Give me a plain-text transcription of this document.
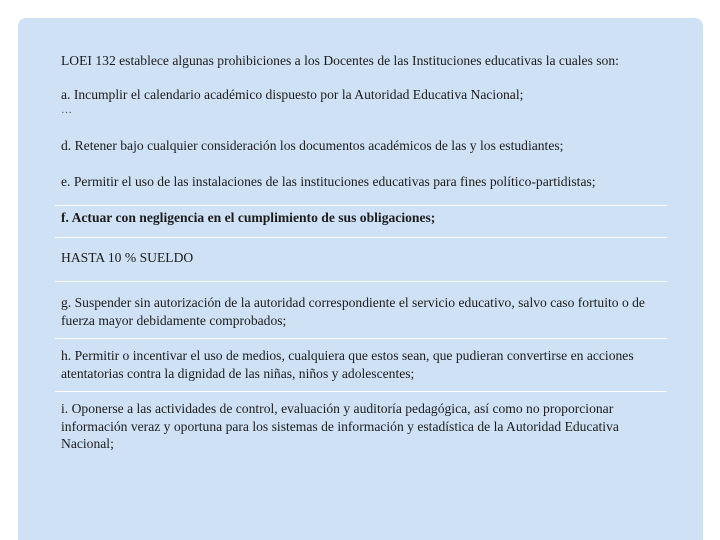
LOEI 132 establece algunas prohibiciones a los Docentes de las Instituciones educativas la cuales son:

a. Incumplir el calendario académico dispuesto por la Autoridad Educativa Nacional;

…

d. Retener bajo cualquier consideración los documentos académicos de las y los estudiantes;

e. Permitir el uso de las instalaciones de las instituciones educativas para fines político-partidistas;

f. Actuar con negligencia en el cumplimiento de sus obligaciones;

HASTA 10 % SUELDO

g. Suspender sin autorización de la autoridad correspondiente el servicio educativo, salvo caso fortuito o de fuerza mayor debidamente comprobados;

h. Permitir o incentivar el uso de medios, cualquiera que estos sean, que pudieran convertirse en acciones atentatorias contra la dignidad de las niñas, niños y adolescentes;

i. Oponerse a las actividades de control, evaluación y auditoría pedagógica, así como no proporcionar información veraz y oportuna para los sistemas de información y estadística de la Autoridad Educativa Nacional;
